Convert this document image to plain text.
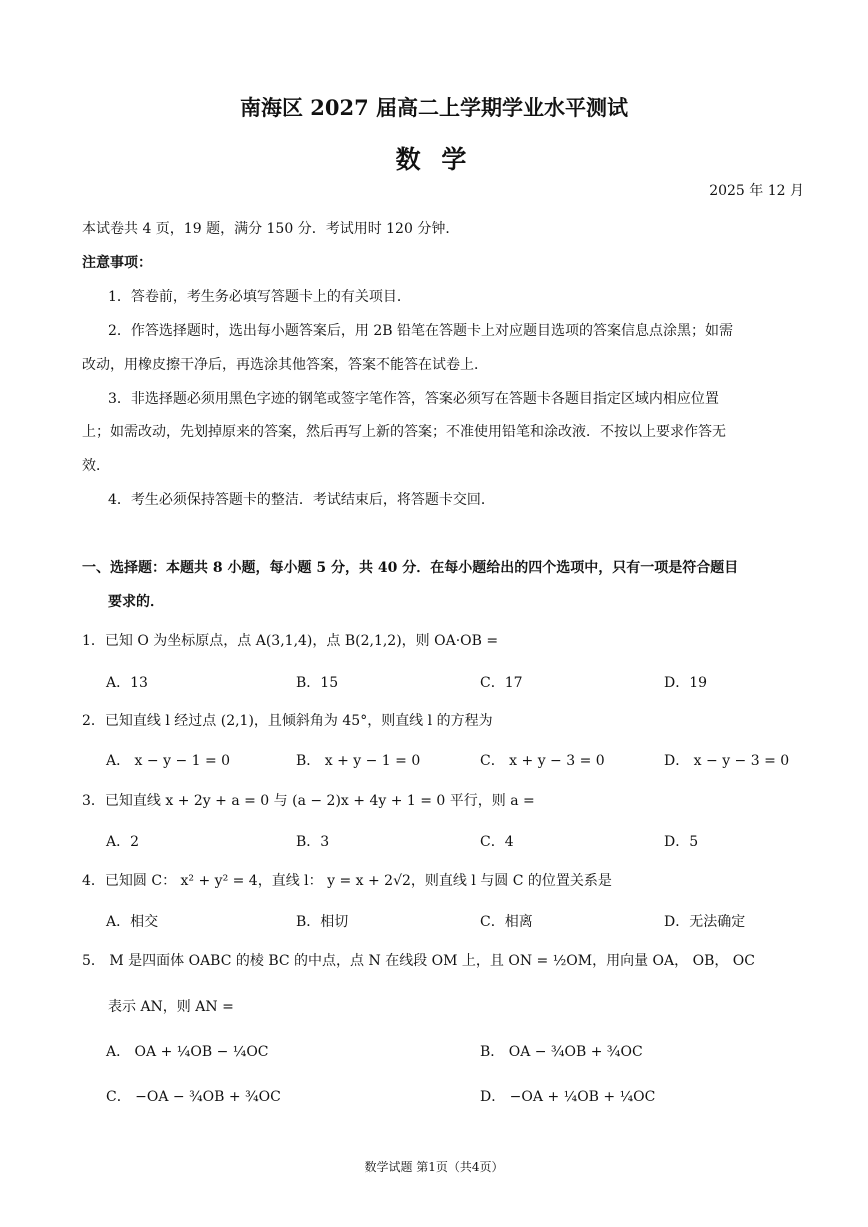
南海区 2027 届高二上学期学业水平测试
数 学
2025 年 12 月
本试卷共 4 页，19 题，满分 150 分．考试用时 120 分钟．
注意事项：
1．答卷前，考生务必填写答题卡上的有关项目．
2．作答选择题时，选出每小题答案后，用 2B 铅笔在答题卡上对应题目选项的答案信息点涂黑；如需
改动，用橡皮擦干净后，再选涂其他答案，答案不能答在试卷上．
3．非选择题必须用黑色字迹的钢笔或签字笔作答，答案必须写在答题卡各题目指定区域内相应位置
上；如需改动，先划掉原来的答案，然后再写上新的答案；不准使用铅笔和涂改液．不按以上要求作答无
效．
4．考生必须保持答题卡的整洁．考试结束后，将答题卡交回．
一、选择题：本题共 8 小题，每小题 5 分，共 40 分．在每小题给出的四个选项中，只有一项是符合题目
要求的．
1．已知 O 为坐标原点，点 A(3,1,4)，点 B(2,1,2)，则 OA·OB =
A．13	B．15	C．17	D．19
2．已知直线 l 经过点 (2,1)，且倾斜角为 45°，则直线 l 的方程为
A． x − y − 1 = 0	B． x + y − 1 = 0	C． x + y − 3 = 0	D． x − y − 3 = 0
3．已知直线 x + 2y + a = 0 与 (a − 2)x + 4y + 1 = 0 平行，则 a =
A．2	B．3	C．4	D．5
4．已知圆 C： x² + y² = 4，直线 l： y = x + 2√2，则直线 l 与圆 C 的位置关系是
A．相交	B．相切	C．相离	D．无法确定
5． M 是四面体 OABC 的棱 BC 的中点，点 N 在线段 OM 上，且 ON = ½OM，用向量 OA， OB， OC
表示 AN，则 AN =
A． OA + ¼OB − ¼OC	B． OA − ¾OB + ¾OC
C． −OA − ¾OB + ¾OC	D． −OA + ¼OB + ¼OC
数学试题 第1页（共4页）
